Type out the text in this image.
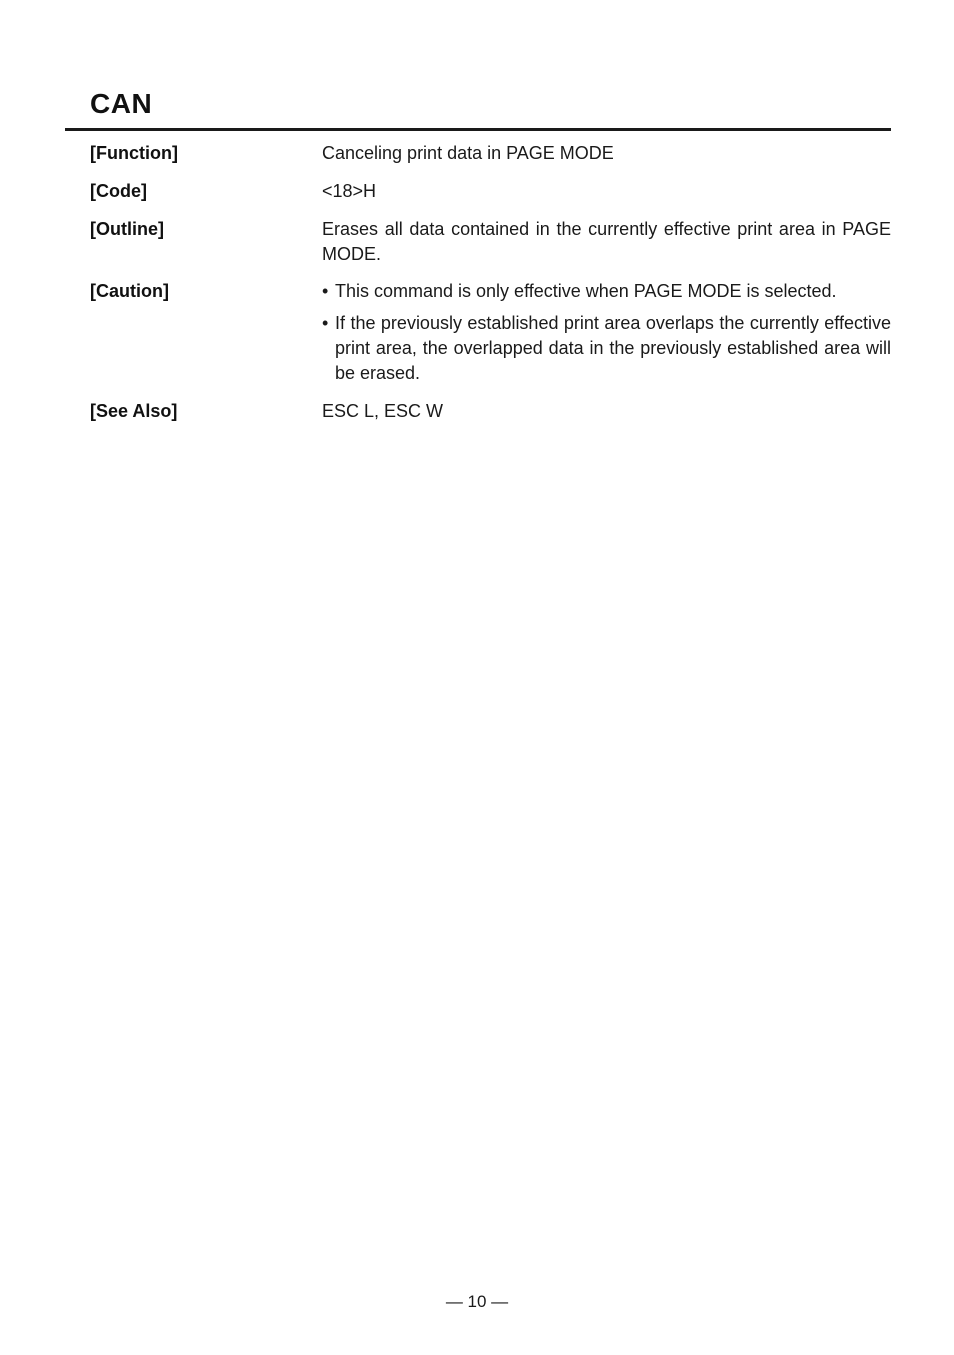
CAN
[Function]	Canceling print data in PAGE MODE
[Code]	<18>H
[Outline]	Erases all data contained in the currently effective print area in PAGE MODE.
[Caution]	• This command is only effective when PAGE MODE is selected.
• If the previously established print area overlaps the currently effective print area, the overlapped data in the previously established area will be erased.
[See Also]	ESC L, ESC W
— 10 —
